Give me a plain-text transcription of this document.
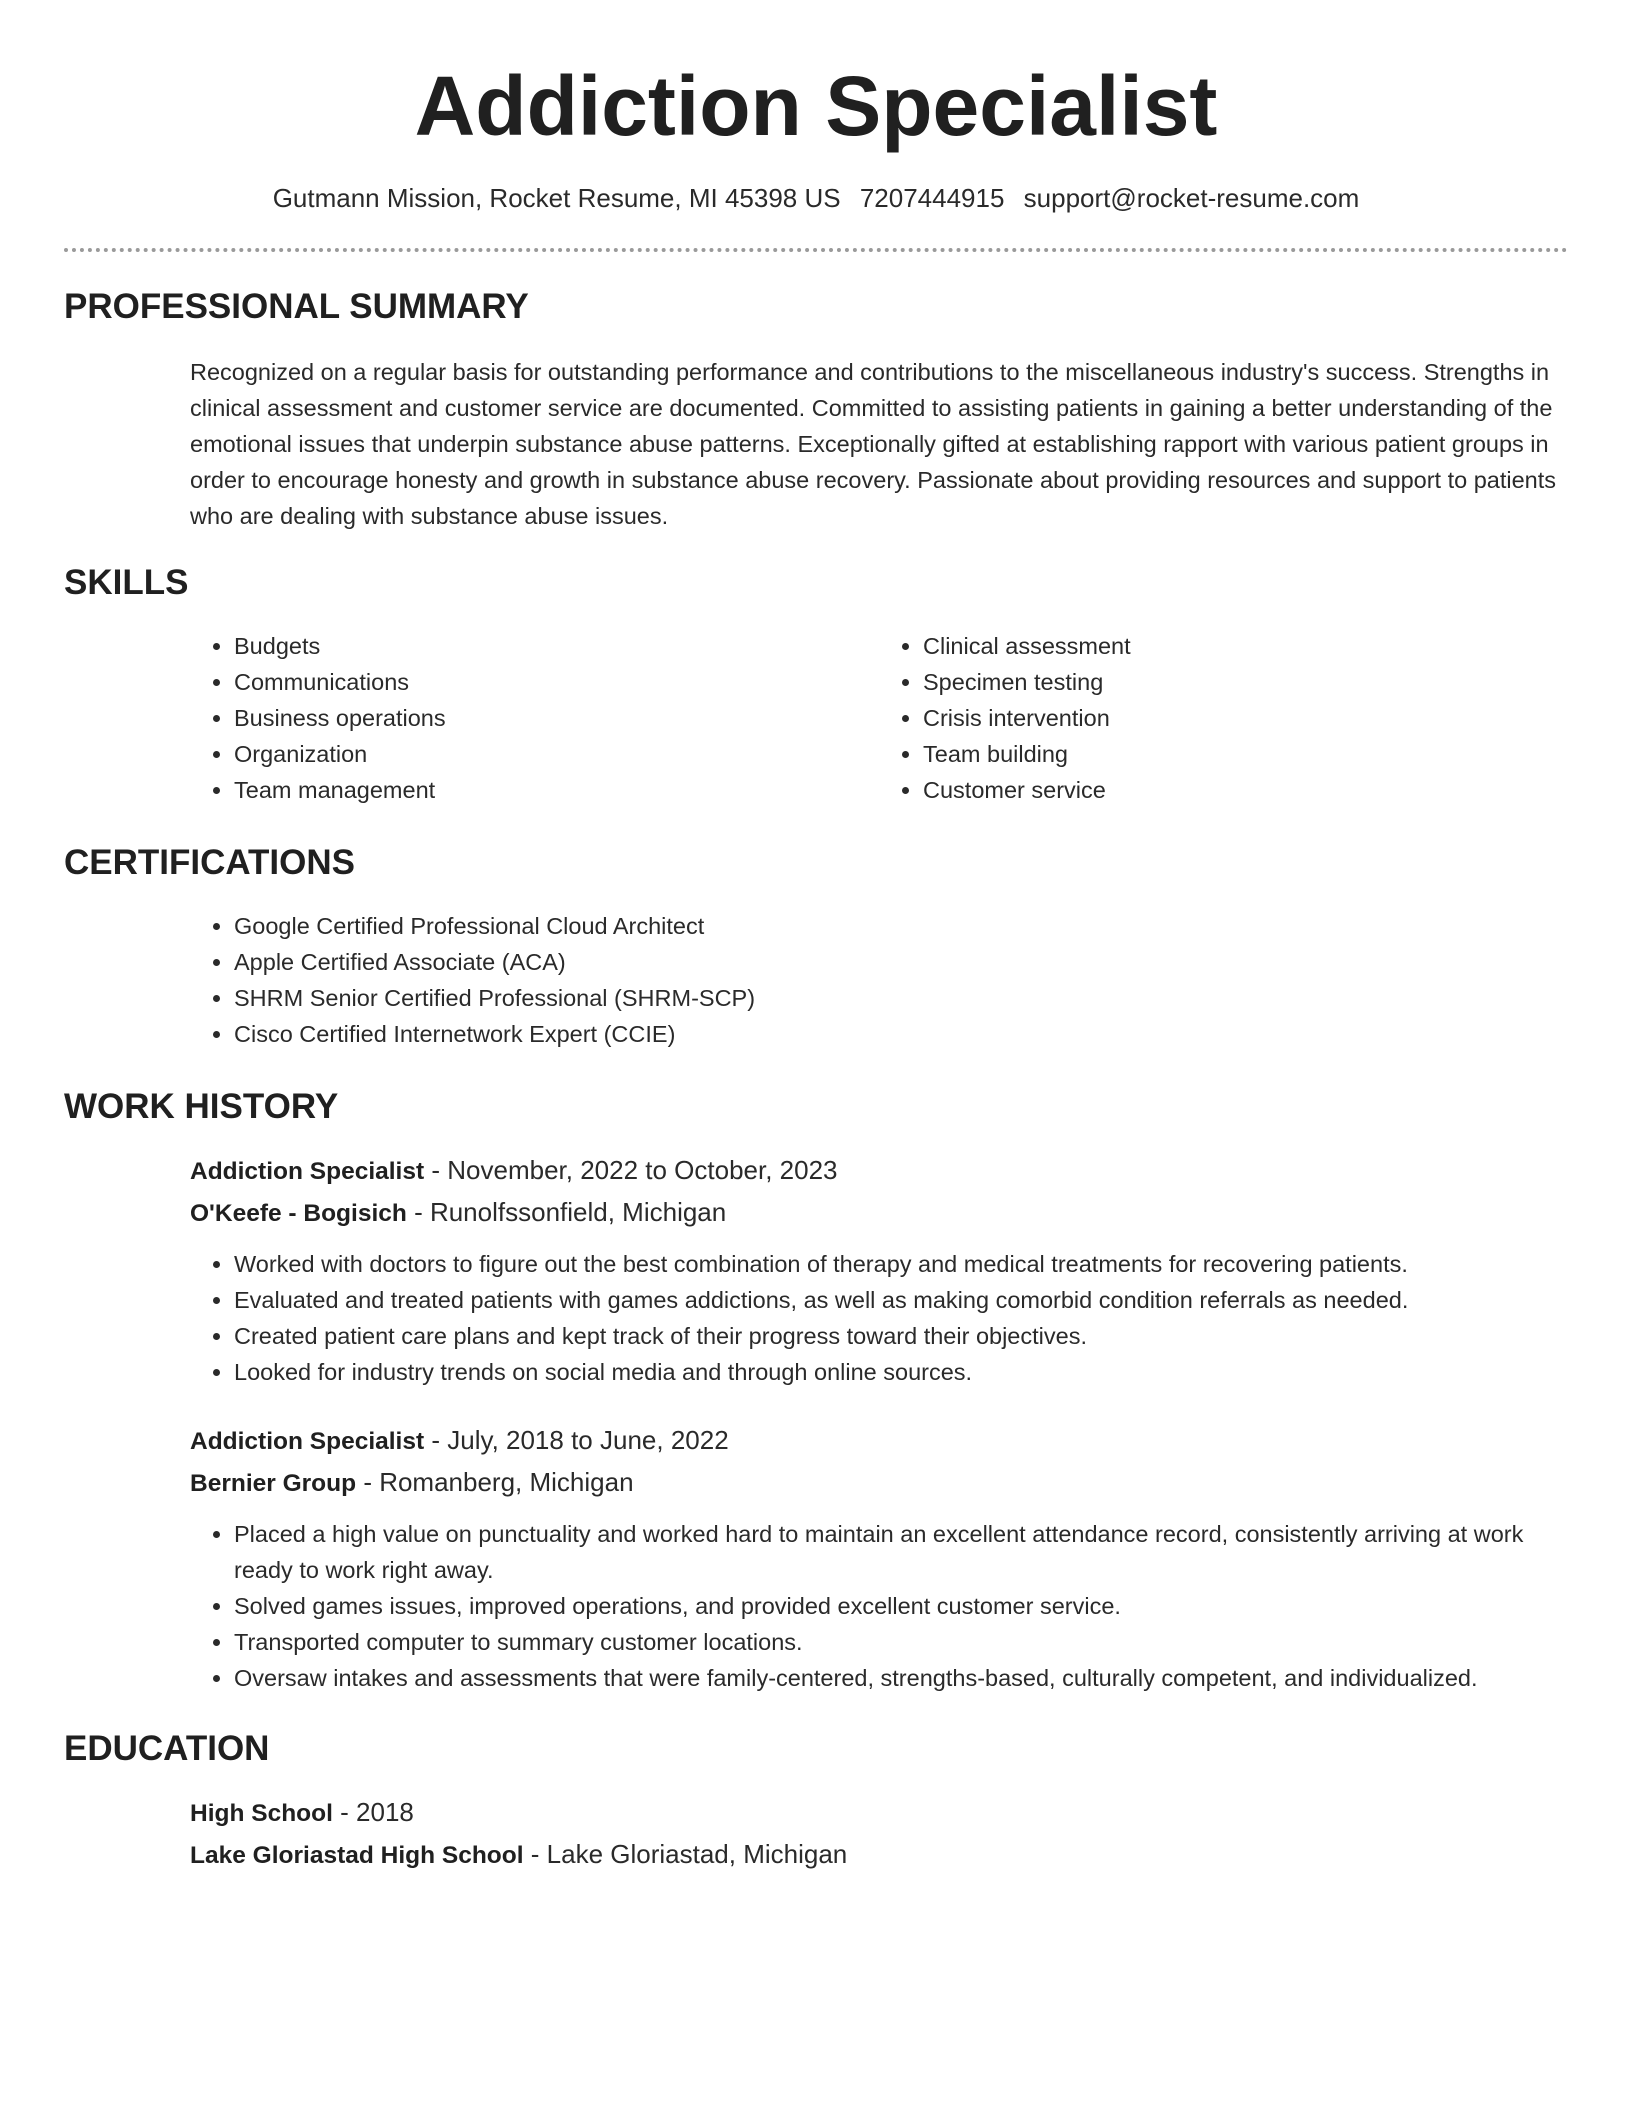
Addiction Specialist
Gutmann Mission, Rocket Resume, MI 45398 US 7207444915 support@rocket-resume.com
PROFESSIONAL SUMMARY

Recognized on a regular basis for outstanding performance and contributions to the miscellaneous industry's success. Strengths in clinical assessment and customer service are documented. Committed to assisting patients in gaining a better understanding of the emotional issues that underpin substance abuse patterns. Exceptionally gifted at establishing rapport with various patient groups in order to encourage honesty and growth in substance abuse recovery. Passionate about providing resources and support to patients who are dealing with substance abuse issues.

SKILLS
• Budgets
• Communications
• Business operations
• Organization
• Team management
• Clinical assessment
• Specimen testing
• Crisis intervention
• Team building
• Customer service
CERTIFICATIONS
• Google Certified Professional Cloud Architect
• Apple Certified Associate (ACA)
• SHRM Senior Certified Professional (SHRM-SCP)
• Cisco Certified Internetwork Expert (CCIE)
WORK HISTORY
Addiction Specialist - November, 2022 to October, 2023
O'Keefe - Bogisich - Runolfssonfield, Michigan
• Worked with doctors to figure out the best combination of therapy and medical treatments for recovering patients.
• Evaluated and treated patients with games addictions, as well as making comorbid condition referrals as needed.
• Created patient care plans and kept track of their progress toward their objectives.
• Looked for industry trends on social media and through online sources.
Addiction Specialist - July, 2018 to June, 2022
Bernier Group - Romanberg, Michigan
• Placed a high value on punctuality and worked hard to maintain an excellent attendance record, consistently arriving at work ready to work right away.
• Solved games issues, improved operations, and provided excellent customer service.
• Transported computer to summary customer locations.
• Oversaw intakes and assessments that were family-centered, strengths-based, culturally competent, and individualized.
EDUCATION
High School - 2018
Lake Gloriastad High School - Lake Gloriastad, Michigan
